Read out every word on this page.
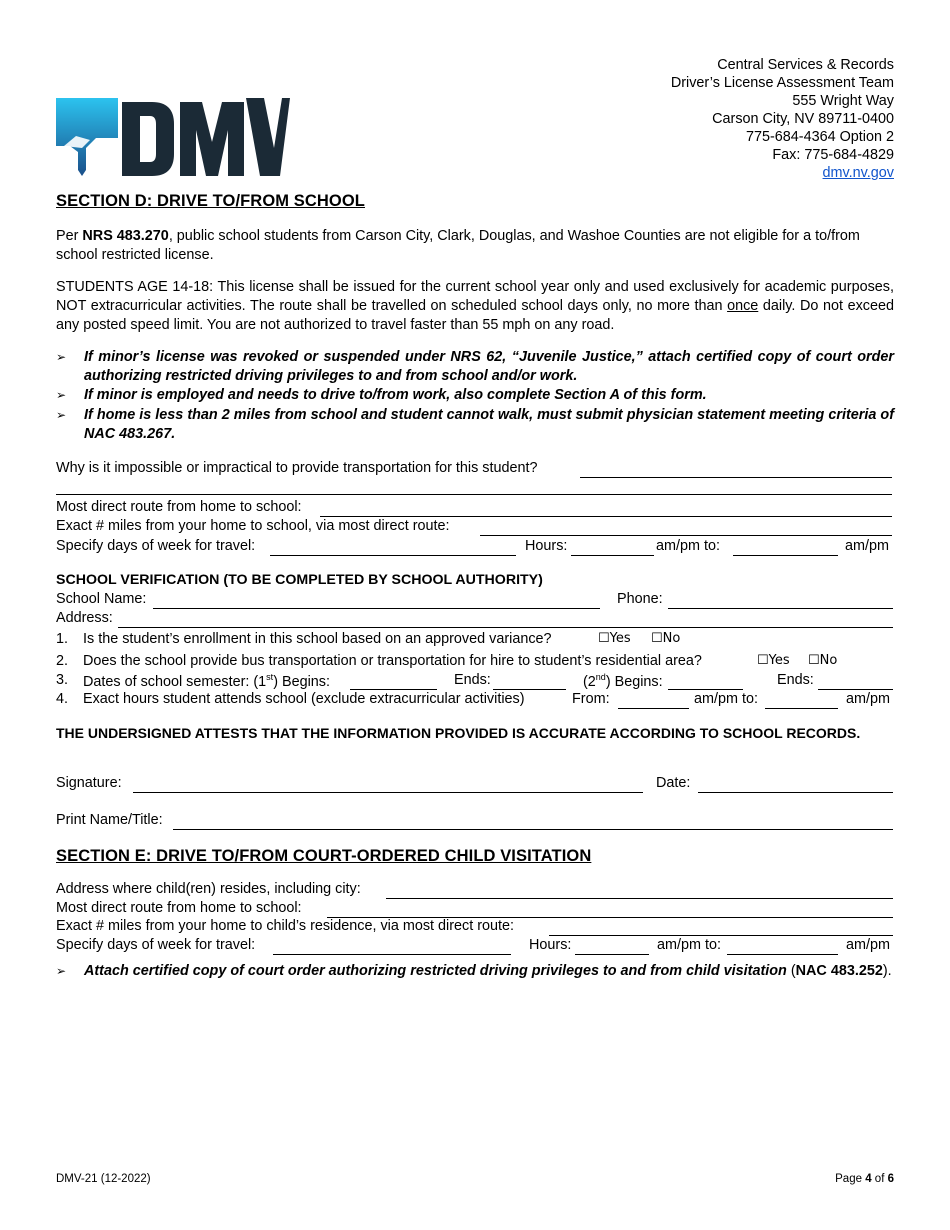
Central Services & Records
Driver’s License Assessment Team
555 Wright Way
Carson City, NV 89711-0400
775-684-4364 Option 2
Fax: 775-684-4829
dmv.nv.gov
SECTION D: DRIVE TO/FROM SCHOOL
Per NRS 483.270, public school students from Carson City, Clark, Douglas, and Washoe Counties are not eligible for a to/from school restricted license.
STUDENTS AGE 14-18: This license shall be issued for the current school year only and used exclusively for academic purposes, NOT extracurricular activities. The route shall be travelled on scheduled school days only, no more than once daily. Do not exceed any posted speed limit. You are not authorized to travel faster than 55 mph on any road.
➢ If minor’s license was revoked or suspended under NRS 62, “Juvenile Justice,” attach certified copy of court order authorizing restricted driving privileges to and from school and/or work.
➢ If minor is employed and needs to drive to/from work, also complete Section A of this form.
➢ If home is less than 2 miles from school and student cannot walk, must submit physician statement meeting criteria of NAC 483.267.
Why is it impossible or impractical to provide transportation for this student?
Most direct route from home to school:
Exact # miles from your home to school, via most direct route:
Specify days of week for travel:	Hours:	am/pm to:	am/pm
SCHOOL VERIFICATION (TO BE COMPLETED BY SCHOOL AUTHORITY)
School Name:	Phone:
Address:
1. Is the student’s enrollment in this school based on an approved variance?	☐Yes ☐No
2. Does the school provide bus transportation or transportation for hire to student’s residential area?	☐Yes ☐No
3. Dates of school semester: (1st) Begins:	Ends:	(2nd) Begins:	Ends:
4. Exact hours student attends school (exclude extracurricular activities)	From:	am/pm to:	am/pm
THE UNDERSIGNED ATTESTS THAT THE INFORMATION PROVIDED IS ACCURATE ACCORDING TO SCHOOL RECORDS.
Signature:	Date:
Print Name/Title:
SECTION E: DRIVE TO/FROM COURT-ORDERED CHILD VISITATION
Address where child(ren) resides, including city:
Most direct route from home to school:
Exact # miles from your home to child’s residence, via most direct route:
Specify days of week for travel:	Hours:	am/pm to:	am/pm
➢ Attach certified copy of court order authorizing restricted driving privileges to and from child visitation (NAC 483.252).
DMV-21 (12-2022)	Page 4 of 6
